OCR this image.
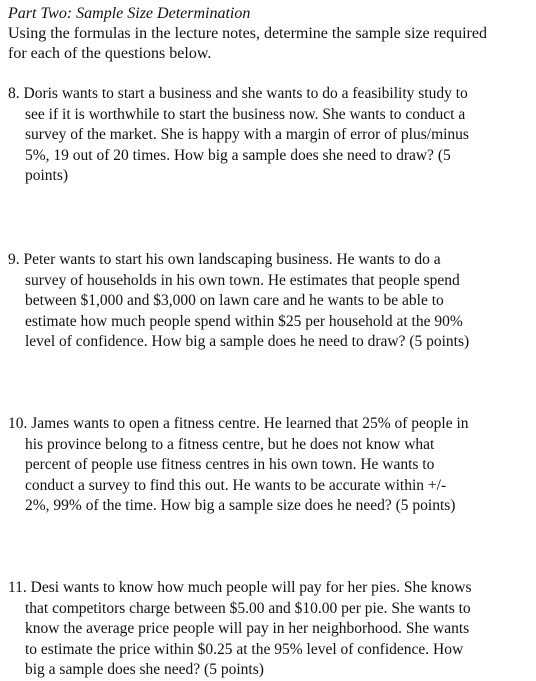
Part Two: Sample Size Determination
Using the formulas in the lecture notes, determine the sample size required
for each of the questions below.
8. Doris wants to start a business and she wants to do a feasibility study to
see if it is worthwhile to start the business now. She wants to conduct a
survey of the market. She is happy with a margin of error of plus/minus
5%, 19 out of 20 times. How big a sample does she need to draw? (5
points)
9. Peter wants to start his own landscaping business. He wants to do a
survey of households in his own town. He estimates that people spend
between $1,000 and $3,000 on lawn care and he wants to be able to
estimate how much people spend within $25 per household at the 90%
level of confidence. How big a sample does he need to draw? (5 points)
10. James wants to open a fitness centre. He learned that 25% of people in
his province belong to a fitness centre, but he does not know what
percent of people use fitness centres in his own town. He wants to
conduct a survey to find this out. He wants to be accurate within +/-
2%, 99% of the time. How big a sample size does he need? (5 points)
11. Desi wants to know how much people will pay for her pies. She knows
that competitors charge between $5.00 and $10.00 per pie. She wants to
know the average price people will pay in her neighborhood. She wants
to estimate the price within $0.25 at the 95% level of confidence. How
big a sample does she need? (5 points)
